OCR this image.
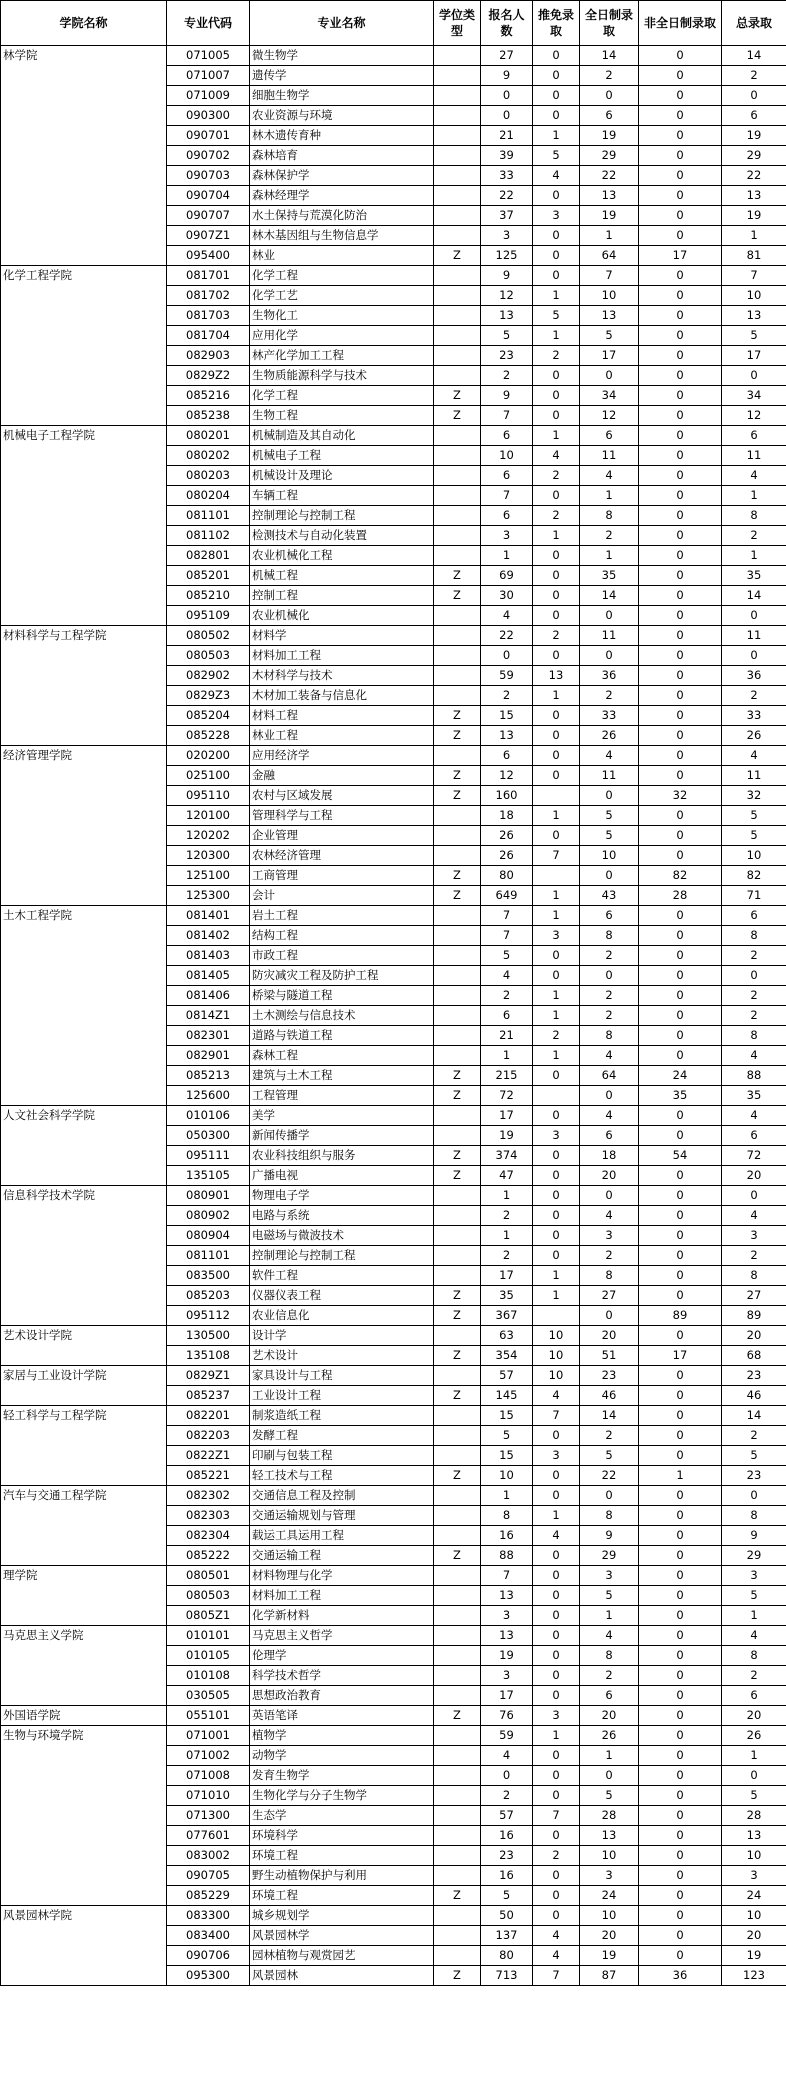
学院名称	专业代码	专业名称	学位类型	报名人数	推免录取	全日制录取	非全日制录取	总录取
林学院	071005	微生物学		27	0	14	0	14
	071007	遗传学		9	0	2	0	2
	071009	细胞生物学		0	0	0	0	0
	090300	农业资源与环境		0	0	6	0	6
	090701	林木遗传育种		21	1	19	0	19
	090702	森林培育		39	5	29	0	29
	090703	森林保护学		33	4	22	0	22
	090704	森林经理学		22	0	13	0	13
	090707	水土保持与荒漠化防治		37	3	19	0	19
	0907Z1	林木基因组与生物信息学		3	0	1	0	1
	095400	林业	Z	125	0	64	17	81
化学工程学院	081701	化学工程		9	0	7	0	7
	081702	化学工艺		12	1	10	0	10
	081703	生物化工		13	5	13	0	13
	081704	应用化学		5	1	5	0	5
	082903	林产化学加工工程		23	2	17	0	17
	0829Z2	生物质能源科学与技术		2	0	0	0	0
	085216	化学工程	Z	9	0	34	0	34
	085238	生物工程	Z	7	0	12	0	12
机械电子工程学院	080201	机械制造及其自动化		6	1	6	0	6
	080202	机械电子工程		10	4	11	0	11
	080203	机械设计及理论		6	2	4	0	4
	080204	车辆工程		7	0	1	0	1
	081101	控制理论与控制工程		6	2	8	0	8
	081102	检测技术与自动化装置		3	1	2	0	2
	082801	农业机械化工程		1	0	1	0	1
	085201	机械工程	Z	69	0	35	0	35
	085210	控制工程	Z	30	0	14	0	14
	095109	农业机械化		4	0	0	0	0
材料科学与工程学院	080502	材料学		22	2	11	0	11
	080503	材料加工工程		0	0	0	0	0
	082902	木材科学与技术		59	13	36	0	36
	0829Z3	木材加工装备与信息化		2	1	2	0	2
	085204	材料工程	Z	15	0	33	0	33
	085228	林业工程	Z	13	0	26	0	26
经济管理学院	020200	应用经济学		6	0	4	0	4
	025100	金融	Z	12	0	11	0	11
	095110	农村与区域发展	Z	160		0	32	32
	120100	管理科学与工程		18	1	5	0	5
	120202	企业管理		26	0	5	0	5
	120300	农林经济管理		26	7	10	0	10
	125100	工商管理	Z	80		0	82	82
	125300	会计	Z	649	1	43	28	71
土木工程学院	081401	岩土工程		7	1	6	0	6
	081402	结构工程		7	3	8	0	8
	081403	市政工程		5	0	2	0	2
	081405	防灾减灾工程及防护工程		4	0	0	0	0
	081406	桥梁与隧道工程		2	1	2	0	2
	0814Z1	土木测绘与信息技术		6	1	2	0	2
	082301	道路与铁道工程		21	2	8	0	8
	082901	森林工程		1	1	4	0	4
	085213	建筑与土木工程	Z	215	0	64	24	88
	125600	工程管理	Z	72		0	35	35
人文社会科学学院	010106	美学		17	0	4	0	4
	050300	新闻传播学		19	3	6	0	6
	095111	农业科技组织与服务	Z	374	0	18	54	72
	135105	广播电视	Z	47	0	20	0	20
信息科学技术学院	080901	物理电子学		1	0	0	0	0
	080902	电路与系统		2	0	4	0	4
	080904	电磁场与微波技术		1	0	3	0	3
	081101	控制理论与控制工程		2	0	2	0	2
	083500	软件工程		17	1	8	0	8
	085203	仪器仪表工程	Z	35	1	27	0	27
	095112	农业信息化	Z	367		0	89	89
艺术设计学院	130500	设计学		63	10	20	0	20
	135108	艺术设计	Z	354	10	51	17	68
家居与工业设计学院	0829Z1	家具设计与工程		57	10	23	0	23
	085237	工业设计工程	Z	145	4	46	0	46
轻工科学与工程学院	082201	制浆造纸工程		15	7	14	0	14
	082203	发酵工程		5	0	2	0	2
	0822Z1	印刷与包装工程		15	3	5	0	5
	085221	轻工技术与工程	Z	10	0	22	1	23
汽车与交通工程学院	082302	交通信息工程及控制		1	0	0	0	0
	082303	交通运输规划与管理		8	1	8	0	8
	082304	载运工具运用工程		16	4	9	0	9
	085222	交通运输工程	Z	88	0	29	0	29
理学院	080501	材料物理与化学		7	0	3	0	3
	080503	材料加工工程		13	0	5	0	5
	0805Z1	化学新材料		3	0	1	0	1
马克思主义学院	010101	马克思主义哲学		13	0	4	0	4
	010105	伦理学		19	0	8	0	8
	010108	科学技术哲学		3	0	2	0	2
	030505	思想政治教育		17	0	6	0	6
外国语学院	055101	英语笔译	Z	76	3	20	0	20
生物与环境学院	071001	植物学		59	1	26	0	26
	071002	动物学		4	0	1	0	1
	071008	发育生物学		0	0	0	0	0
	071010	生物化学与分子生物学		2	0	5	0	5
	071300	生态学		57	7	28	0	28
	077601	环境科学		16	0	13	0	13
	083002	环境工程		23	2	10	0	10
	090705	野生动植物保护与利用		16	0	3	0	3
	085229	环境工程	Z	5	0	24	0	24
风景园林学院	083300	城乡规划学		50	0	10	0	10
	083400	风景园林学		137	4	20	0	20
	090706	园林植物与观赏园艺		80	4	19	0	19
	095300	风景园林	Z	713	7	87	36	123
